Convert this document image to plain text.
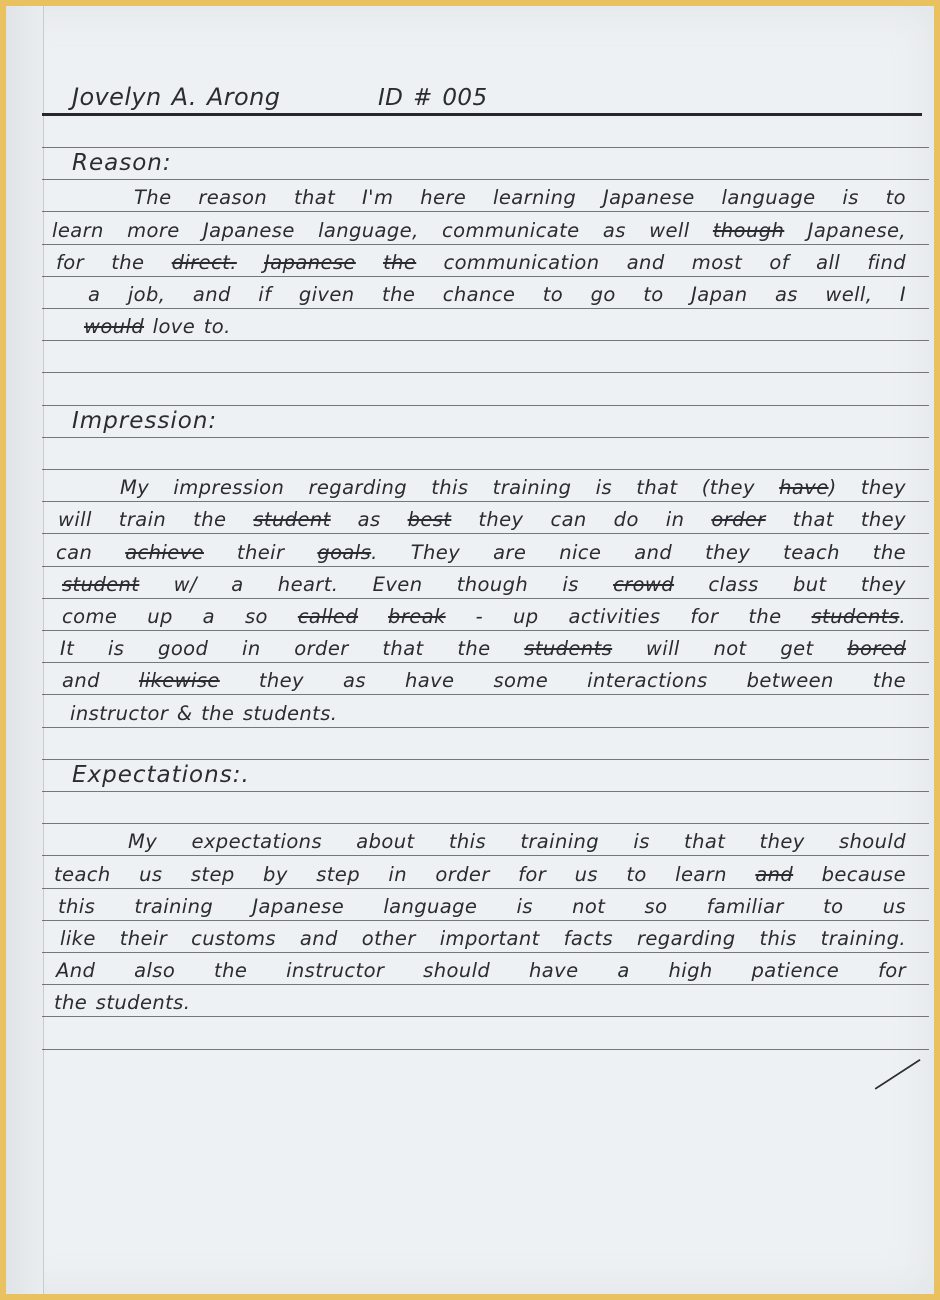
Jovelyn A. Arong	ID # 005
Reason:
The reason that I'm here learning Japanese language is to
learn more Japanese language, communicate as well though Japanese,
for the direct. Japanese the communication and most of all find
a job, and if given the chance to go to Japan as well, I
would love to.
Impression:
My impression regarding this training is that (they have) they
will train the student as best they can do in order that they
can achieve their goals. They are nice and they teach the
student w/ a heart. Even though is crowd class but they
come up a so called break - up activities for the students.
It is good in order that the students will not get bored
and likewise they as have some interactions between the
instructor & the students.
Expectations:.
My expectations about this training is that they should
teach us step by step in order for us to learn and because
this training Japanese language is not so familiar to us
like their customs and other important facts regarding this training.
And also the instructor should have a high patience for
the students.
